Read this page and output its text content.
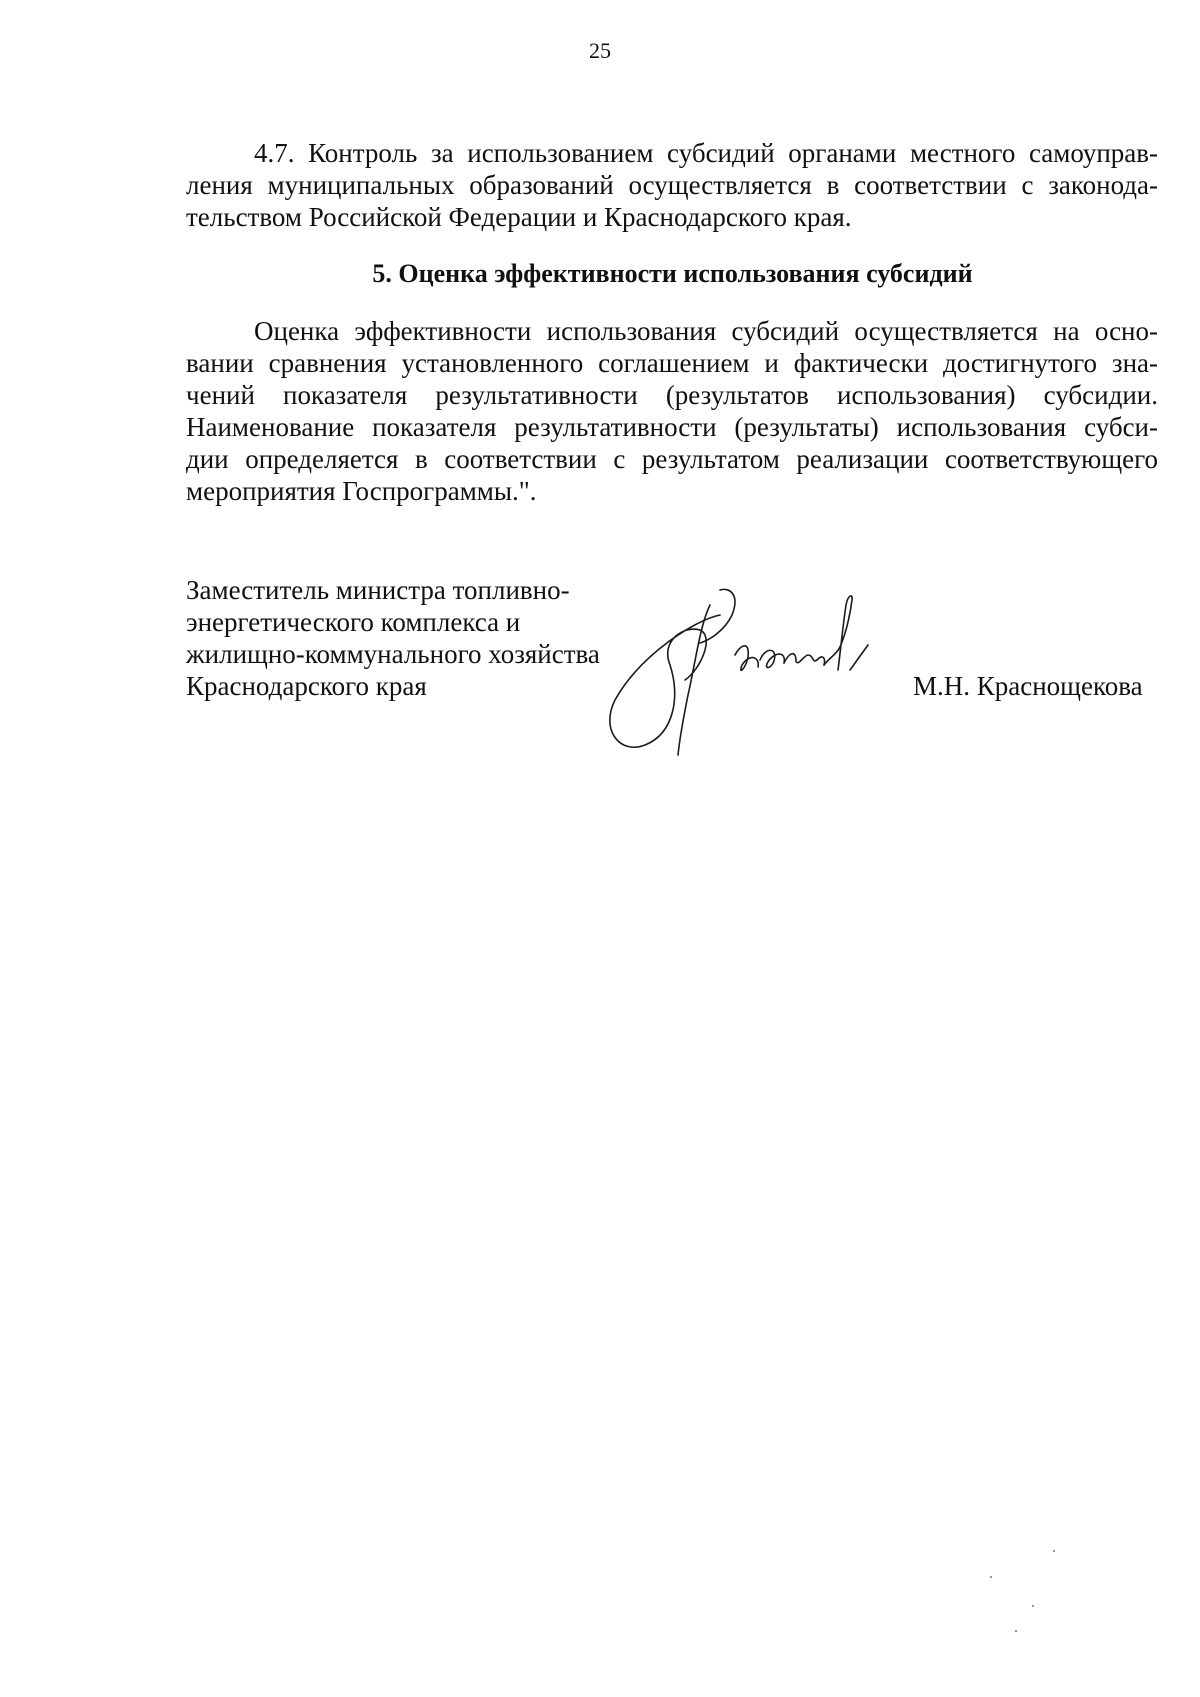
25
4.7. Контроль за использованием субсидий органами местного самоуправ-
ления муниципальных образований осуществляется в соответствии с законода-
тельством Российской Федерации и Краснодарского края.
5. Оценка эффективности использования субсидий
Оценка эффективности использования субсидий осуществляется на осно-
вании сравнения установленного соглашением и фактически достигнутого зна-
чений показателя результативности (результатов использования) субсидии.
Наименование показателя результативности (результаты) использования субси-
дии определяется в соответствии с результатом реализации соответствующего
мероприятия Госпрограммы.".
Заместитель министра топливно-
энергетического комплекса и
жилищно-коммунального хозяйства
Краснодарского края	М.Н. Краснощекова
